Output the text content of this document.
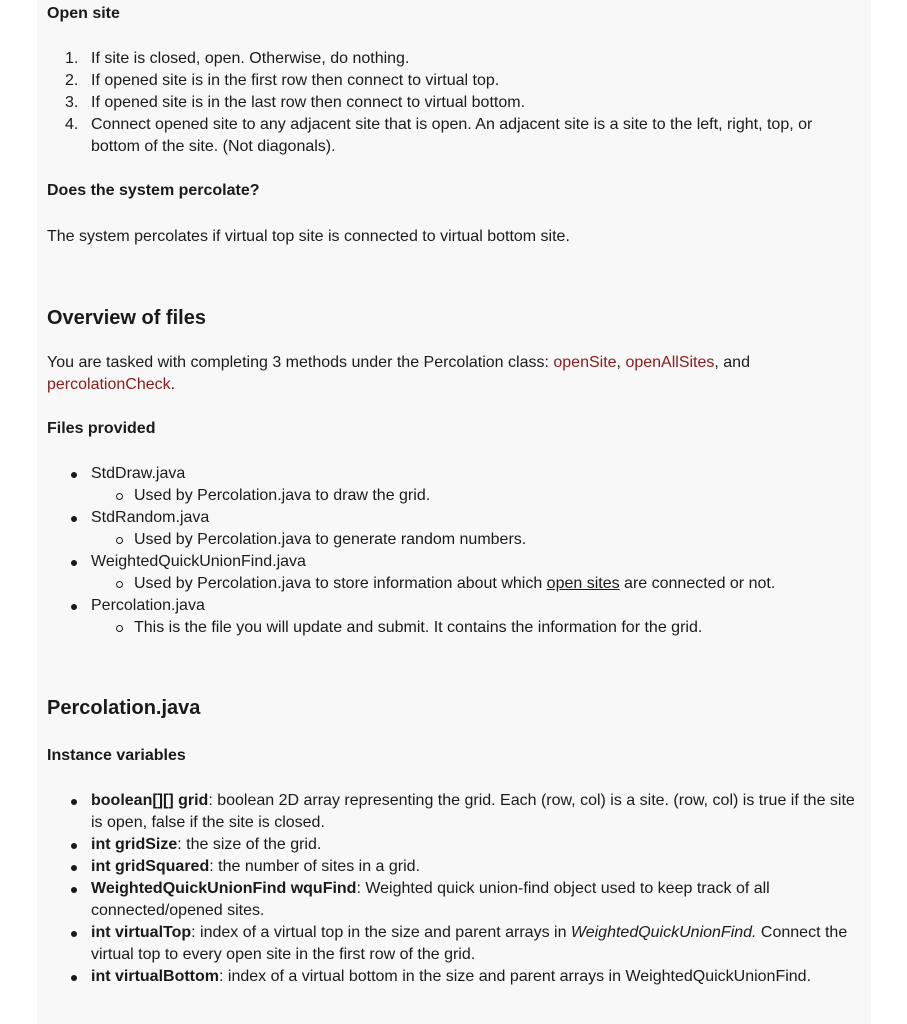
Open site
1. If site is closed, open. Otherwise, do nothing.
2. If opened site is in the first row then connect to virtual top.
3. If opened site is in the last row then connect to virtual bottom.
4. Connect opened site to any adjacent site that is open. An adjacent site is a site to the left, right, top, or bottom of the site. (Not diagonals).
Does the system percolate?

The system percolates if virtual top site is connected to virtual bottom site.

Overview of files

You are tasked with completing 3 methods under the Percolation class: openSite, openAllSites, and percolationCheck.

Files provided
StdDraw.java
Used by Percolation.java to draw the grid.
StdRandom.java
Used by Percolation.java to generate random numbers.
WeightedQuickUnionFind.java
Used by Percolation.java to store information about which open sites are connected or not.
Percolation.java
This is the file you will update and submit. It contains the information for the grid.
Percolation.java
Instance variables
boolean[][] grid: boolean 2D array representing the grid. Each (row, col) is a site. (row, col) is true if the site is open, false if the site is closed.
int gridSize: the size of the grid.
int gridSquared: the number of sites in a grid.
WeightedQuickUnionFind wquFind: Weighted quick union-find object used to keep track of all connected/opened sites.
int virtualTop: index of a virtual top in the size and parent arrays in WeightedQuickUnionFind. Connect the virtual top to every open site in the first row of the grid.
int virtualBottom: index of a virtual bottom in the size and parent arrays in WeightedQuickUnionFind.
